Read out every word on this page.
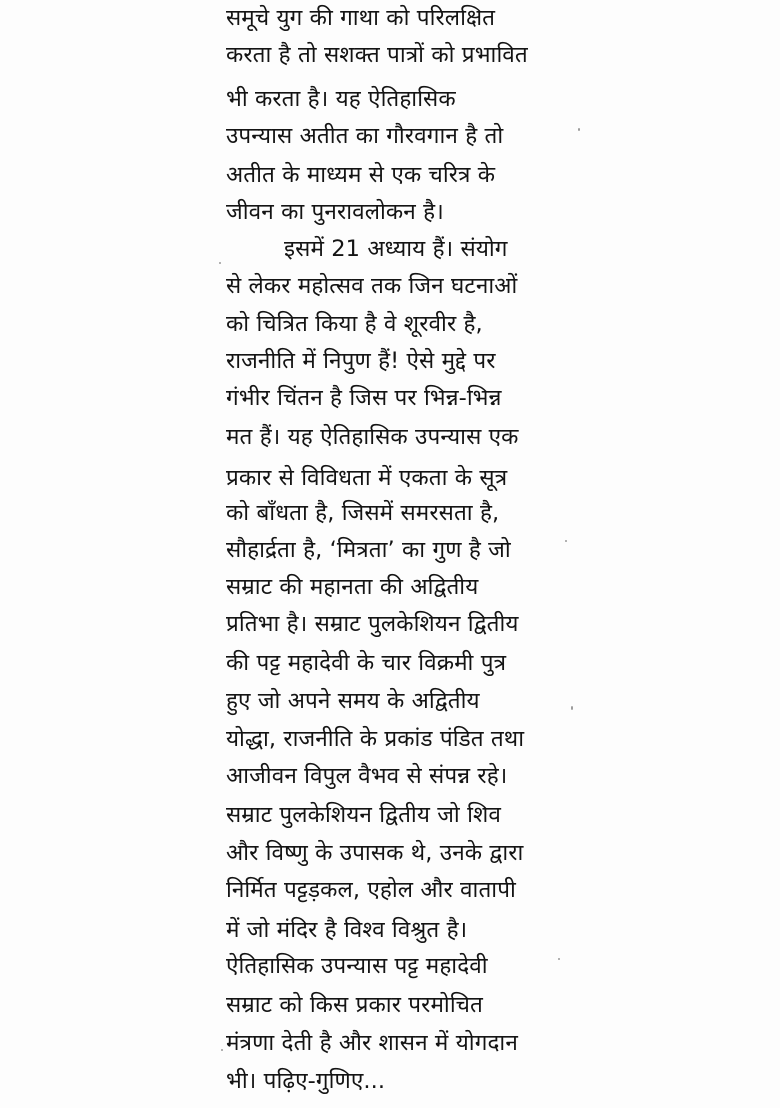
समूचे युग की गाथा को परिलक्षित
करता है तो सशक्त पात्रों को प्रभावित
भी करता है। यह ऐतिहासिक
उपन्यास अतीत का गौरवगान है तो
अतीत के माध्यम से एक चरित्र के
जीवन का पुनरावलोकन है।
इसमें 21 अध्याय हैं। संयोग
से लेकर महोत्सव तक जिन घटनाओं
को चित्रित किया है वे शूरवीर है,
राजनीति में निपुण हैं! ऐसे मुद्दे पर
गंभीर चिंतन है जिस पर भिन्न-भिन्न
मत हैं। यह ऐतिहासिक उपन्यास एक
प्रकार से विविधता में एकता के सूत्र
को बाँधता है, जिसमें समरसता है,
सौहार्द्रता है, ‘मित्रता’ का गुण है जो
सम्राट की महानता की अद्वितीय
प्रतिभा है। सम्राट पुलकेशियन द्वितीय
की पट्ट महादेवी के चार विक्रमी पुत्र
हुए जो अपने समय के अद्वितीय
योद्धा, राजनीति के प्रकांड पंडित तथा
आजीवन विपुल वैभव से संपन्न रहे।
सम्राट पुलकेशियन द्वितीय जो शिव
और विष्णु के उपासक थे, उनके द्वारा
निर्मित पट्टड़कल, एहोल और वातापी
में जो मंदिर है विश्व विश्रुत है।
ऐतिहासिक उपन्यास पट्ट महादेवी
सम्राट को किस प्रकार परमोचित
मंत्रणा देती है और शासन में योगदान
भी। पढ़िए-गुणिए...
